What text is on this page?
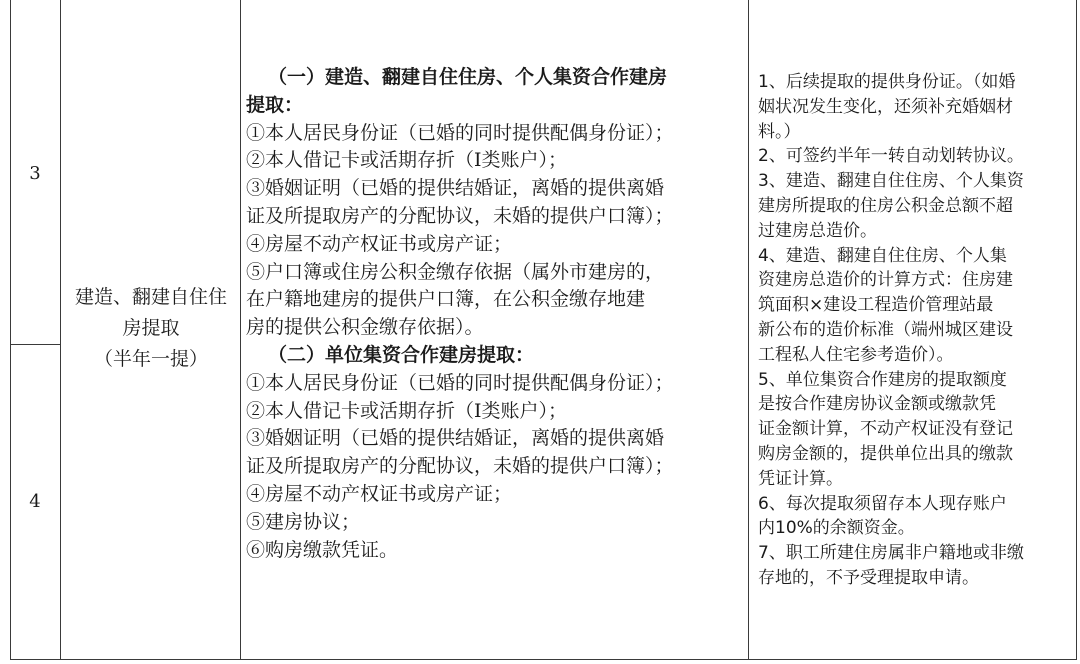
3
4
建造、翻建自住住
房提取
（半年一提）
（一）建造、翻建自住住房、个人集资合作建房
提取：
①本人居民身份证（已婚的同时提供配偶身份证）；
②本人借记卡或活期存折（Ⅰ类账户）；
③婚姻证明（已婚的提供结婚证，离婚的提供离婚
证及所提取房产的分配协议，未婚的提供户口簿）；
④房屋不动产权证书或房产证；
⑤户口簿或住房公积金缴存依据（属外市建房的，
在户籍地建房的提供户口簿，在公积金缴存地建
房的提供公积金缴存依据）。
（二）单位集资合作建房提取：
①本人居民身份证（已婚的同时提供配偶身份证）；
②本人借记卡或活期存折（Ⅰ类账户）；
③婚姻证明（已婚的提供结婚证，离婚的提供离婚
证及所提取房产的分配协议，未婚的提供户口簿）；
④房屋不动产权证书或房产证；
⑤建房协议；
⑥购房缴款凭证。
1、后续提取的提供身份证。（如婚
姻状况发生变化，还须补充婚姻材
料。）
2、可签约半年一转自动划转协议。
3、建造、翻建自住住房、个人集资
建房所提取的住房公积金总额不超
过建房总造价。
4、建造、翻建自住住房、个人集
资建房总造价的计算方式：住房建
筑面积×建设工程造价管理站最
新公布的造价标准（端州城区建设
工程私人住宅参考造价）。
5、单位集资合作建房的提取额度
是按合作建房协议金额或缴款凭
证金额计算，不动产权证没有登记
购房金额的，提供单位出具的缴款
凭证计算。
6、每次提取须留存本人现存账户
内10%的余额资金。
7、职工所建住房属非户籍地或非缴
存地的，不予受理提取申请。
